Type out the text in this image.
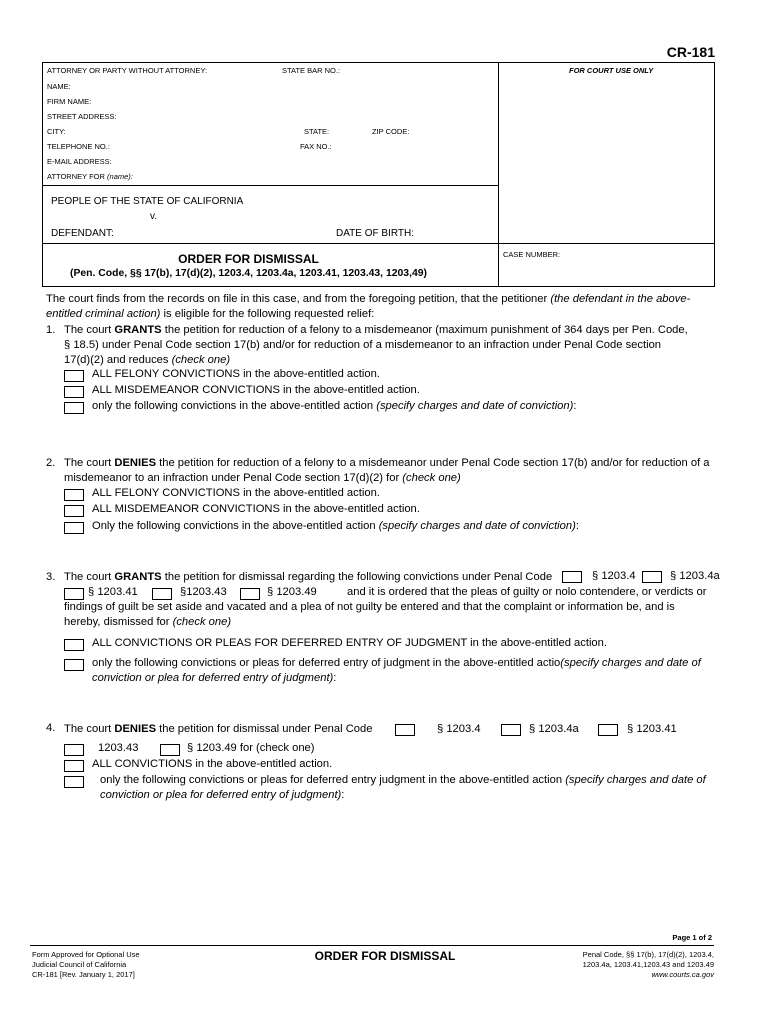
CR-181
ATTORNEY OR PARTY WITHOUT ATTORNEY:	STATE BAR NO.:	FOR COURT USE ONLY
NAME:
FIRM NAME:
STREET ADDRESS:
CITY:	STATE:	ZIP CODE:
TELEPHONE NO.:	FAX NO.:
E-MAIL ADDRESS:
ATTORNEY FOR (name):
PEOPLE OF THE STATE OF CALIFORNIA
v.
DEFENDANT:	DATE OF BIRTH:
ORDER FOR DISMISSAL
(Pen. Code, §§ 17(b), 17(d)(2), 1203.4, 1203.4a, 1203.41, 1203.43, 1203,49)
CASE NUMBER:
The court finds from the records on file in this case, and from the foregoing petition, that the petitioner (the defendant in the above-
entitled criminal action) is eligible for the following requested relief:
1. The court GRANTS the petition for reduction of a felony to a misdemeanor (maximum punishment of 364 days per Pen. Code,
§ 18.5) under Penal Code section 17(b) and/or for reduction of a misdemeanor to an infraction under Penal Code section
17(d)(2) and reduces (check one)
ALL FELONY CONVICTIONS in the above-entitled action.
ALL MISDEMEANOR CONVICTIONS in the above-entitled action.
only the following convictions in the above-entitled action (specify charges and date of conviction):
2. The court DENIES the petition for reduction of a felony to a misdemeanor under Penal Code section 17(b) and/or for reduction of a
misdemeanor to an infraction under Penal Code section 17(d)(2) for (check one)
ALL FELONY CONVICTIONS in the above-entitled action.
ALL MISDEMEANOR CONVICTIONS in the above-entitled action.
Only the following convictions in the above-entitled action (specify charges and date of conviction):
3. The court GRANTS the petition for dismissal regarding the following convictions under Penal Code	§ 1203.4	§ 1203.4a
§ 1203.41	§1203.43	§ 1203.49	and it is ordered that the pleas of guilty or nolo contendere, or verdicts or
findings of guilt be set aside and vacated and a plea of not guilty be entered and that the complaint or information be, and is
hereby, dismissed for (check one)
ALL CONVICTIONS OR PLEAS FOR DEFERRED ENTRY OF JUDGMENT in the above-entitled action.
only the following convictions or pleas for deferred entry of judgment in the above-entitled actio(specify charges and date of
conviction or plea for deferred entry of judgment):
4. The court DENIES the petition for dismissal under Penal Code	§ 1203.4	§ 1203.4a	§ 1203.41
1203.43	§ 1203.49 for (check one)
ALL CONVICTIONS in the above-entitled action.
only the following convictions or pleas for deferred entry judgment in the above-entitled action (specify charges and date of
conviction or plea for deferred entry of judgment):
Page 1 of 2
Form Approved for Optional Use
Judicial Council of California
CR-181 [Rev. January 1, 2017]
ORDER FOR DISMISSAL	Penal Code, §§ 17(b), 17(d)(2), 1203.4,
1203.4a, 1203.41,1203.43 and 1203.49
www.courts.ca.gov
